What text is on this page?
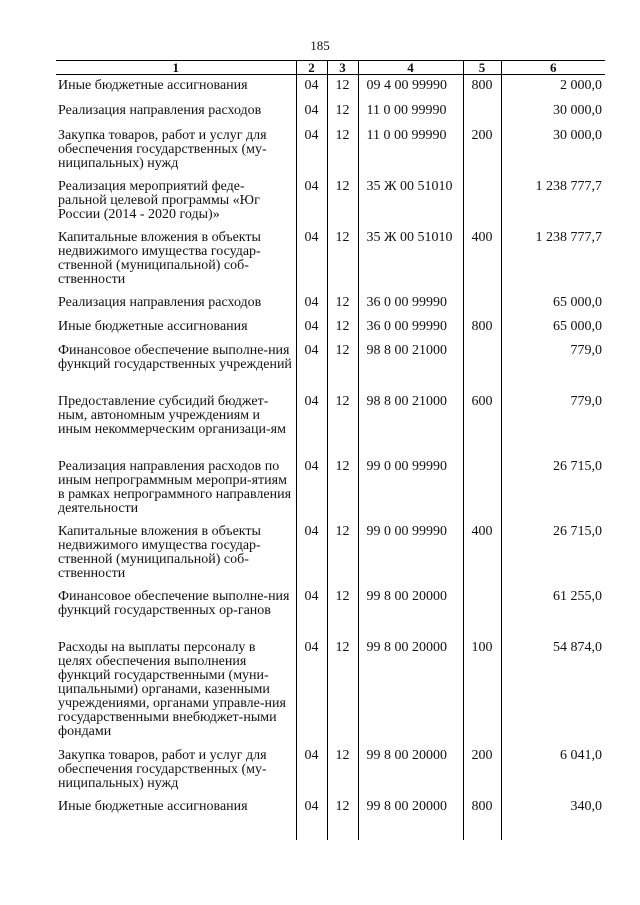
185
1	2	3	4	5	6
Иные бюджетные ассигнования	04	12	09 4 00 99990	800	2 000,0
Реализация направления расходов	04	12	11 0 00 99990		30 000,0
Закупка товаров, работ и услуг для обеспечения государственных (му-ниципальных) нужд	04	12	11 0 00 99990	200	30 000,0
Реализация мероприятий феде-ральной целевой программы «Юг России (2014 - 2020 годы)»	04	12	35 Ж 00 51010		1 238 777,7
Капитальные вложения в объекты недвижимого имущества государ-ственной (муниципальной) соб-ственности	04	12	35 Ж 00 51010	400	1 238 777,7
Реализация направления расходов	04	12	36 0 00 99990		65 000,0
Иные бюджетные ассигнования	04	12	36 0 00 99990	800	65 000,0
Финансовое обеспечение выполне-ния функций государственных учреждений	04	12	98 8 00 21000		779,0
Предоставление субсидий бюджет-ным, автономным учреждениям и иным некоммерческим организаци-ям	04	12	98 8 00 21000	600	779,0
Реализация направления расходов по иным непрограммным меропри-ятиям в рамках непрограммного направления деятельности	04	12	99 0 00 99990		26 715,0
Капитальные вложения в объекты недвижимого имущества государ-ственной (муниципальной) соб-ственности	04	12	99 0 00 99990	400	26 715,0
Финансовое обеспечение выполне-ния функций государственных ор-ганов	04	12	99 8 00 20000		61 255,0
Расходы на выплаты персоналу в целях обеспечения выполнения функций государственными (муни-ципальными) органами, казенными учреждениями, органами управле-ния государственными внебюджет-ными фондами	04	12	99 8 00 20000	100	54 874,0
Закупка товаров, работ и услуг для обеспечения государственных (му-ниципальных) нужд	04	12	99 8 00 20000	200	6 041,0
Иные бюджетные ассигнования	04	12	99 8 00 20000	800	340,0
